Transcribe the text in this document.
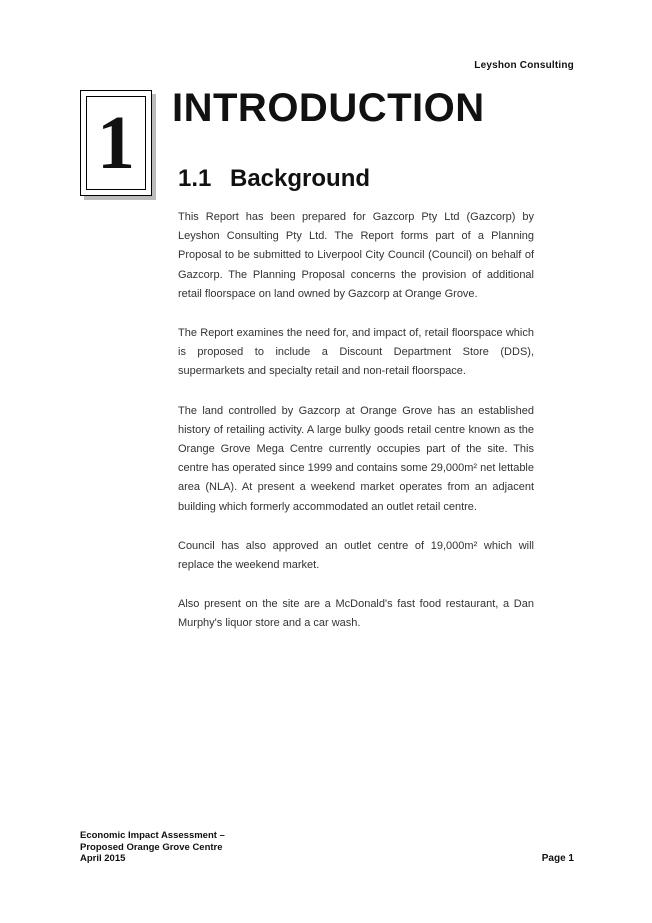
Leyshon Consulting
1 INTRODUCTION
1.1 Background

This Report has been prepared for Gazcorp Pty Ltd (Gazcorp) by Leyshon Consulting Pty Ltd. The Report forms part of a Planning Proposal to be submitted to Liverpool City Council (Council) on behalf of Gazcorp. The Planning Proposal concerns the provision of additional retail floorspace on land owned by Gazcorp at Orange Grove.

The Report examines the need for, and impact of, retail floorspace which is proposed to include a Discount Department Store (DDS), supermarkets and specialty retail and non-retail floorspace.

The land controlled by Gazcorp at Orange Grove has an established history of retailing activity. A large bulky goods retail centre known as the Orange Grove Mega Centre currently occupies part of the site. This centre has operated since 1999 and contains some 29,000m² net lettable area (NLA). At present a weekend market operates from an adjacent building which formerly accommodated an outlet retail centre.

Council has also approved an outlet centre of 19,000m² which will replace the weekend market.

Also present on the site are a McDonald's fast food restaurant, a Dan Murphy's liquor store and a car wash.

Economic Impact Assessment –
Proposed Orange Grove Centre
April 2015	Page 1
